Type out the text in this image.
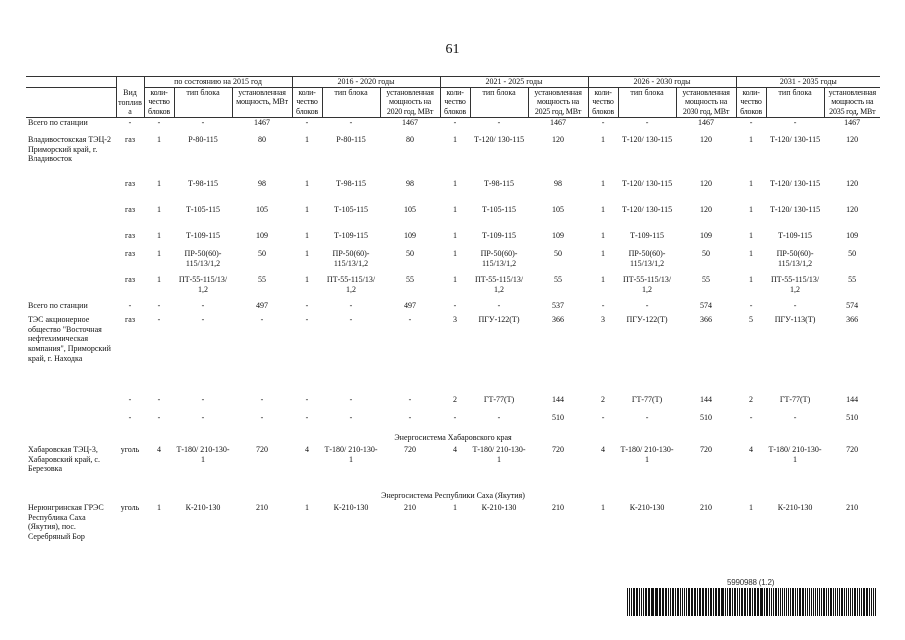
61
	Вид топлива	по состоянию на 2015 год			2016 - 2020 годы			2021 - 2025 годы			2026 - 2030 годы			2031 - 2035 годы		
		коли-чество блоков	тип блока	установленная мощность, МВт	коли-чество блоков	тип блока	установленная мощность на 2020 год, МВт	коли-чество блоков	тип блока	установленная мощность на 2025 год, МВт	коли-чество блоков	тип блока	установленная мощность на 2030 год, МВт	коли-чество блоков	тип блока	установленная мощность на 2035 год, МВт
Всего по станции	-	-	-	1467	-	-	1467	-	-	1467	-	-	1467	-	-	1467
Владивостокская ТЭЦ-2 Приморский край, г. Владивосток	газ	1	Р-80-115	80	1	Р-80-115	80	1	Т-120/ 130-115	120	1	Т-120/ 130-115	120	1	Т-120/ 130-115	120
	газ	1	Т-98-115	98	1	Т-98-115	98	1	Т-98-115	98	1	Т-120/ 130-115	120	1	Т-120/ 130-115	120
	газ	1	Т-105-115	105	1	Т-105-115	105	1	Т-105-115	105	1	Т-120/ 130-115	120	1	Т-120/ 130-115	120
	газ	1	Т-109-115	109	1	Т-109-115	109	1	Т-109-115	109	1	Т-109-115	109	1	Т-109-115	109
	газ	1	ПР-50(60)- 115/13/1,2	50	1	ПР-50(60)- 115/13/1,2	50	1	ПР-50(60)- 115/13/1,2	50	1	ПР-50(60)- 115/13/1,2	50	1	ПР-50(60)- 115/13/1,2	50
	газ	1	ПТ-55-115/13/ 1,2	55	1	ПТ-55-115/13/ 1,2	55	1	ПТ-55-115/13/ 1,2	55	1	ПТ-55-115/13/ 1,2	55	1	ПТ-55-115/13/ 1,2	55
Всего по станции	-	-	-	497	-	-	497	-	-	537	-	-	574	-	-	574
ТЭС акционерное общество "Восточная нефтехимическая компания", Приморский край, г. Находка	газ	-	-	-	-	-	-	3	ПГУ-122(Т)	366	3	ПГУ-122(Т)	366	5	ПГУ-113(Т)	366
	-	-	-	-	-	-	-	2	ГТ-77(Т)	144	2	ГТ-77(Т)	144	2	ГТ-77(Т)	144
	-	-	-	-	-	-	-	-	-	510	-	-	510	-	-	510
Энергосистема Хабаровского края																
Хабаровская ТЭЦ-3, Хабаровский край, с. Березовка	уголь	4	Т-180/ 210-130-1	720	4	Т-180/ 210-130-1	720	4	Т-180/ 210-130-1	720	4	Т-180/ 210-130-1	720	4	Т-180/ 210-130-1	720
Энергосистема Республики Саха (Якутия)																
Нерюнгринская ГРЭС Республика Саха (Якутия), пос. Серебряный Бор	уголь	1	К-210-130	210	1	К-210-130	210	1	К-210-130	210	1	К-210-130	210	1	К-210-130	210
5990988 (1.2)
